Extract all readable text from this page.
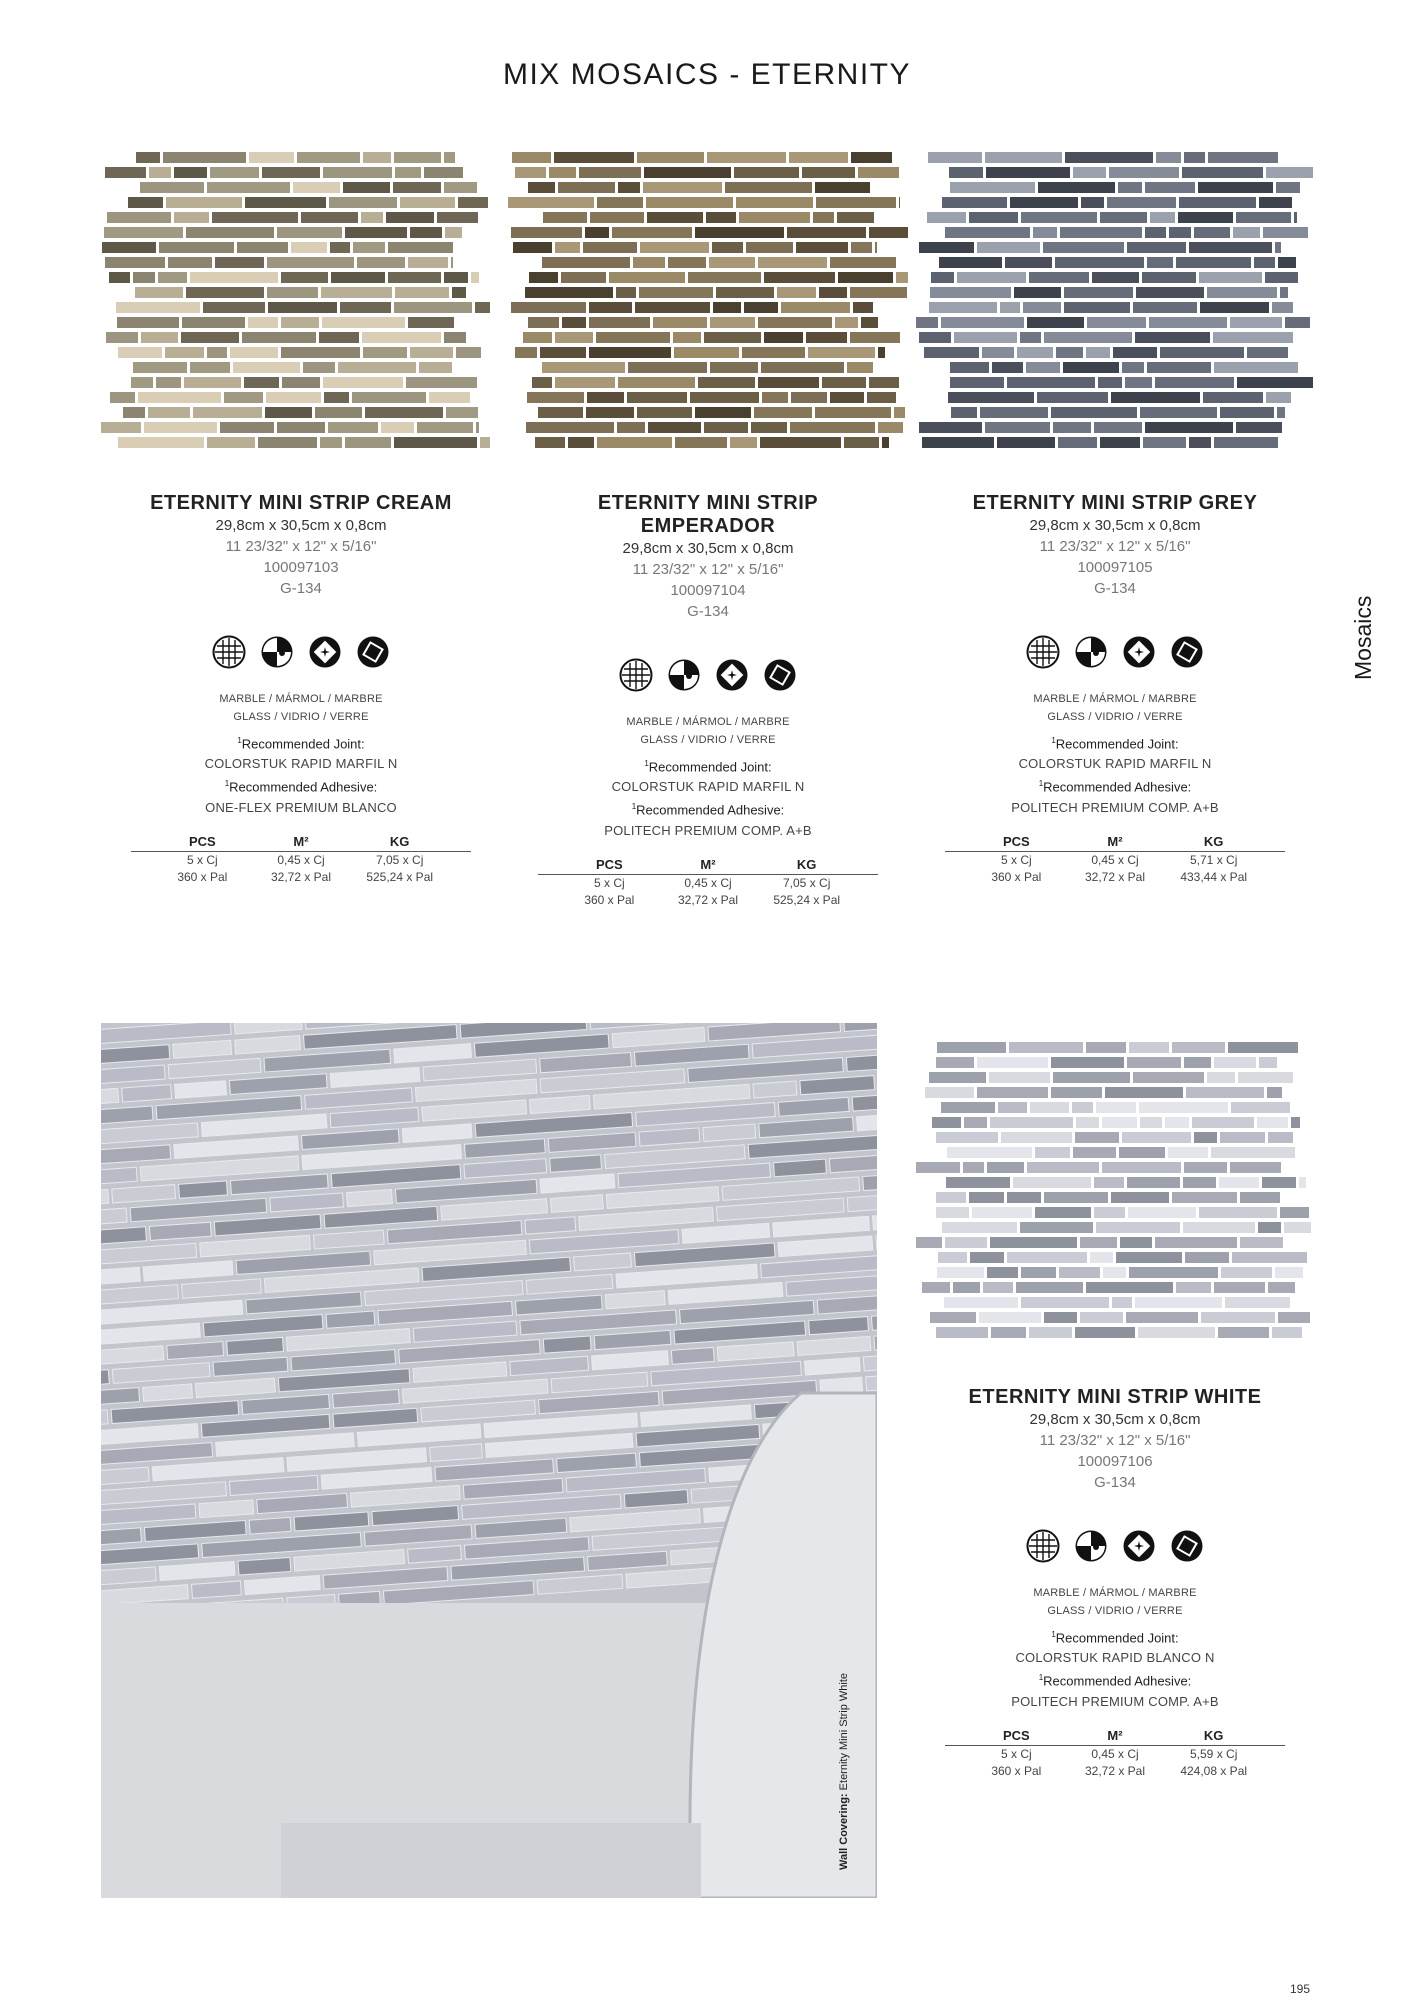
MIX MOSAICS - ETERNITY
Mosaics
ETERNITY MINI STRIP CREAM
29,8cm x 30,5cm x 0,8cm
11 23/32" x 12" x 5/16"
100097103
G-134
MARBLE / MÁRMOL / MARBRE
GLASS / VIDRIO / VERRE
$^1$Recommended Joint:
COLORSTUK RAPID MARFIL N
$^1$Recommended Adhesive:
ONE-FLEX PREMIUM BLANCO
PCS	M²	KG
5 x Cj	0,45 x Cj	7,05 x Cj
360 x Pal	32,72 x Pal	525,24 x Pal
ETERNITY MINI STRIP EMPERADOR
29,8cm x 30,5cm x 0,8cm
11 23/32" x 12" x 5/16"
100097104
G-134
MARBLE / MÁRMOL / MARBRE
GLASS / VIDRIO / VERRE
$^1$Recommended Joint:
COLORSTUK RAPID MARFIL N
$^1$Recommended Adhesive:
POLITECH PREMIUM COMP. A+B
PCS	M²	KG
5 x Cj	0,45 x Cj	7,05 x Cj
360 x Pal	32,72 x Pal	525,24 x Pal
ETERNITY MINI STRIP GREY
29,8cm x 30,5cm x 0,8cm
11 23/32" x 12" x 5/16"
100097105
G-134
MARBLE / MÁRMOL / MARBRE
GLASS / VIDRIO / VERRE
$^1$Recommended Joint:
COLORSTUK RAPID MARFIL N
$^1$Recommended Adhesive:
POLITECH PREMIUM COMP. A+B
PCS	M²	KG
5 x Cj	0,45 x Cj	5,71 x Cj
360 x Pal	32,72 x Pal	433,44 x Pal
ETERNITY MINI STRIP WHITE
29,8cm x 30,5cm x 0,8cm
11 23/32" x 12" x 5/16"
100097106
G-134
MARBLE / MÁRMOL / MARBRE
GLASS / VIDRIO / VERRE
$^1$Recommended Joint:
COLORSTUK RAPID BLANCO N
$^1$Recommended Adhesive:
POLITECH PREMIUM COMP. A+B
PCS	M²	KG
5 x Cj	0,45 x Cj	5,59 x Cj
360 x Pal	32,72 x Pal	424,08 x Pal
Wall Covering: Eternity Mini Strip White
195
